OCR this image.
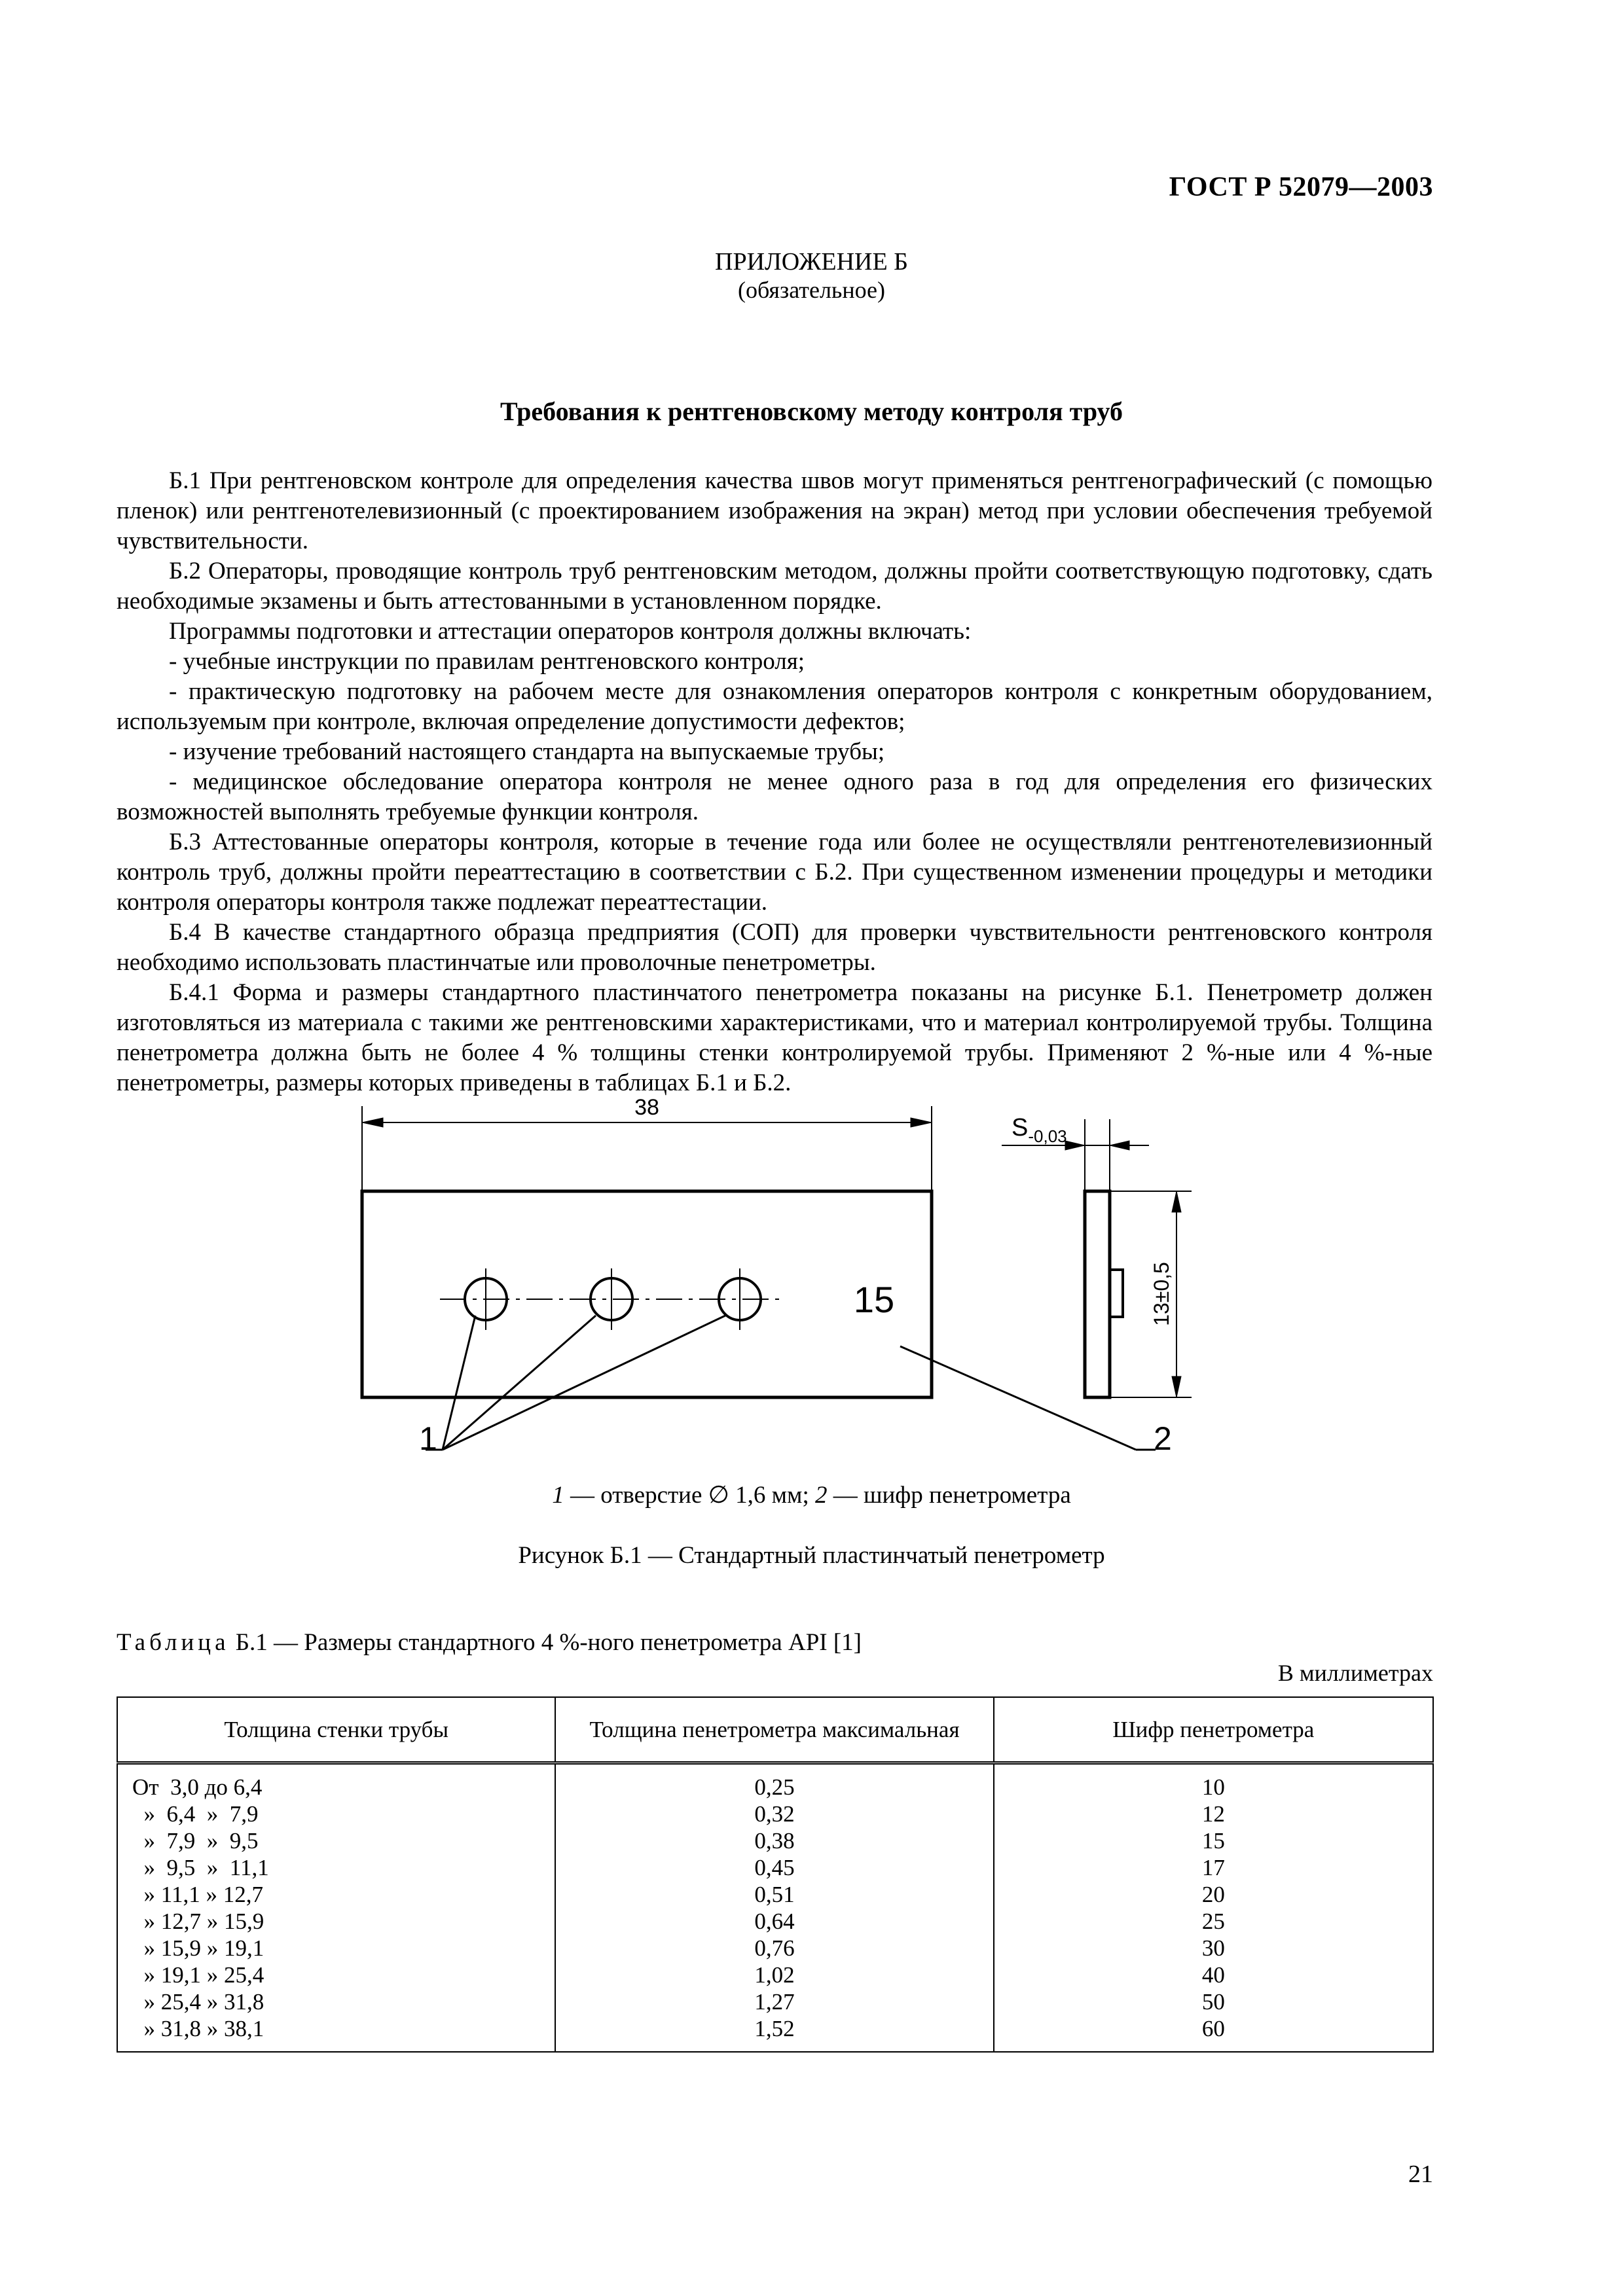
ГОСТ Р 52079—2003
ПРИЛОЖЕНИЕ Б
(обязательное)
Требования к рентгеновскому методу контроля труб

Б.1 При рентгеновском контроле для определения качества швов могут применяться рентгенографический (с помощью пленок) или рентгенотелевизионный (с проектированием изображения на экран) метод при условии обеспечения требуемой чувствительности.

Б.2 Операторы, проводящие контроль труб рентгеновским методом, должны пройти соответствующую подготовку, сдать необходимые экзамены и быть аттестованными в установленном порядке.

Программы подготовки и аттестации операторов контроля должны включать:

- учебные инструкции по правилам рентгеновского контроля;

- практическую подготовку на рабочем месте для ознакомления операторов контроля с конкретным оборудованием, используемым при контроле, включая определение допустимости дефектов;

- изучение требований настоящего стандарта на выпускаемые трубы;

- медицинское обследование оператора контроля не менее одного раза в год для определения его физических возможностей выполнять требуемые функции контроля.

Б.3 Аттестованные операторы контроля, которые в течение года или более не осуществляли рентгенотелевизионный контроль труб, должны пройти переаттестацию в соответствии с Б.2. При существенном изменении процедуры и методики контроля операторы контроля также подлежат переаттестации.

Б.4 В качестве стандартного образца предприятия (СОП) для проверки чувствительности рентгеновского контроля необходимо использовать пластинчатые или проволочные пенетрометры.

Б.4.1 Форма и размеры стандартного пластинчатого пенетрометра показаны на рисунке Б.1. Пенетрометр должен изготовляться из материала с такими же рентгеновскими характеристиками, что и материал контролируемой трубы. Толщина пенетрометра должна быть не более 4 % толщины стенки контролируемой трубы. Применяют 2 %-ные или 4 %-ные пенетрометры, размеры которых приведены в таблицах Б.1 и Б.2.

38
$S_{-0,03}$
15	13±0,5
1	2
1 — отверстие ∅ 1,6 мм; 2 — шифр пенетрометра
Рисунок Б.1 — Стандартный пластинчатый пенетрометр
Таблица Б.1 — Размеры стандартного 4 %-ного пенетрометра API [1]
В миллиметрах
Толщина стенки трубы	Толщина пенетрометра максимальная	Шифр пенетрометра
От  3,0 до 6,4	0,25	10
»  6,4  »  7,9	0,32	12
»  7,9  »  9,5	0,38	15
»  9,5  »  11,1	0,45	17
» 11,1 » 12,7	0,51	20
» 12,7 » 15,9	0,64	25
» 15,9 » 19,1	0,76	30
» 19,1 » 25,4	1,02	40
» 25,4 » 31,8	1,27	50
» 31,8 » 38,1	1,52	60
21
